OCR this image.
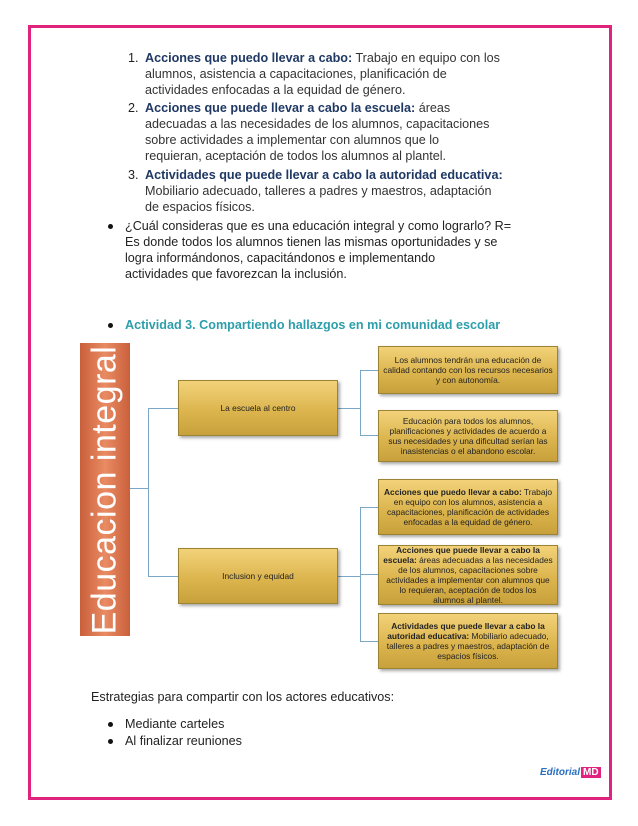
1. Acciones que puedo llevar a cabo: Trabajo en equipo con los
alumnos, asistencia a capacitaciones, planificación de
actividades enfocadas a la equidad de género.
2. Acciones que puede llevar a cabo la escuela: áreas
adecuadas a las necesidades de los alumnos, capacitaciones
sobre actividades a implementar con alumnos que lo
requieran, aceptación de todos los alumnos al plantel.
3. Actividades que puede llevar a cabo la autoridad educativa:
Mobiliario adecuado, talleres a padres y maestros, adaptación
de espacios físicos.
¿Cuál consideras que es una educación integral y como lograrlo? R=
Es donde todos los alumnos tienen las mismas oportunidades y se
logra informándonos, capacitándonos e implementando
actividades que favorezcan la inclusión.
Actividad 3. Compartiendo hallazgos en mi comunidad escolar
Educacion integral	La escuela al centro
Inclusion y equidad
Los alumnos tendrán una educación de calidad contando con los recursos necesarios y con autonomía.
Educación para todos los alumnos, planificaciones y actividades de acuerdo a sus necesidades y una dificultad serían las inasistencias o el abandono escolar.
Acciones que puedo llevar a cabo: Trabajo en equipo con los alumnos, asistencia a capacitaciones, planificación de actividades enfocadas a la equidad de género.
Acciones que puede llevar a cabo la escuela: áreas adecuadas a las necesidades de los alumnos, capacitaciones sobre actividades a implementar con alumnos que lo requieran, aceptación de todos los alumnos al plantel.
Actividades que puede llevar a cabo la autoridad educativa: Mobiliario adecuado, talleres a padres y maestros, adaptación de espacios físicos.
Estrategias para compartir con los actores educativos:
Mediante carteles
Al finalizar reuniones
Editorial MD
